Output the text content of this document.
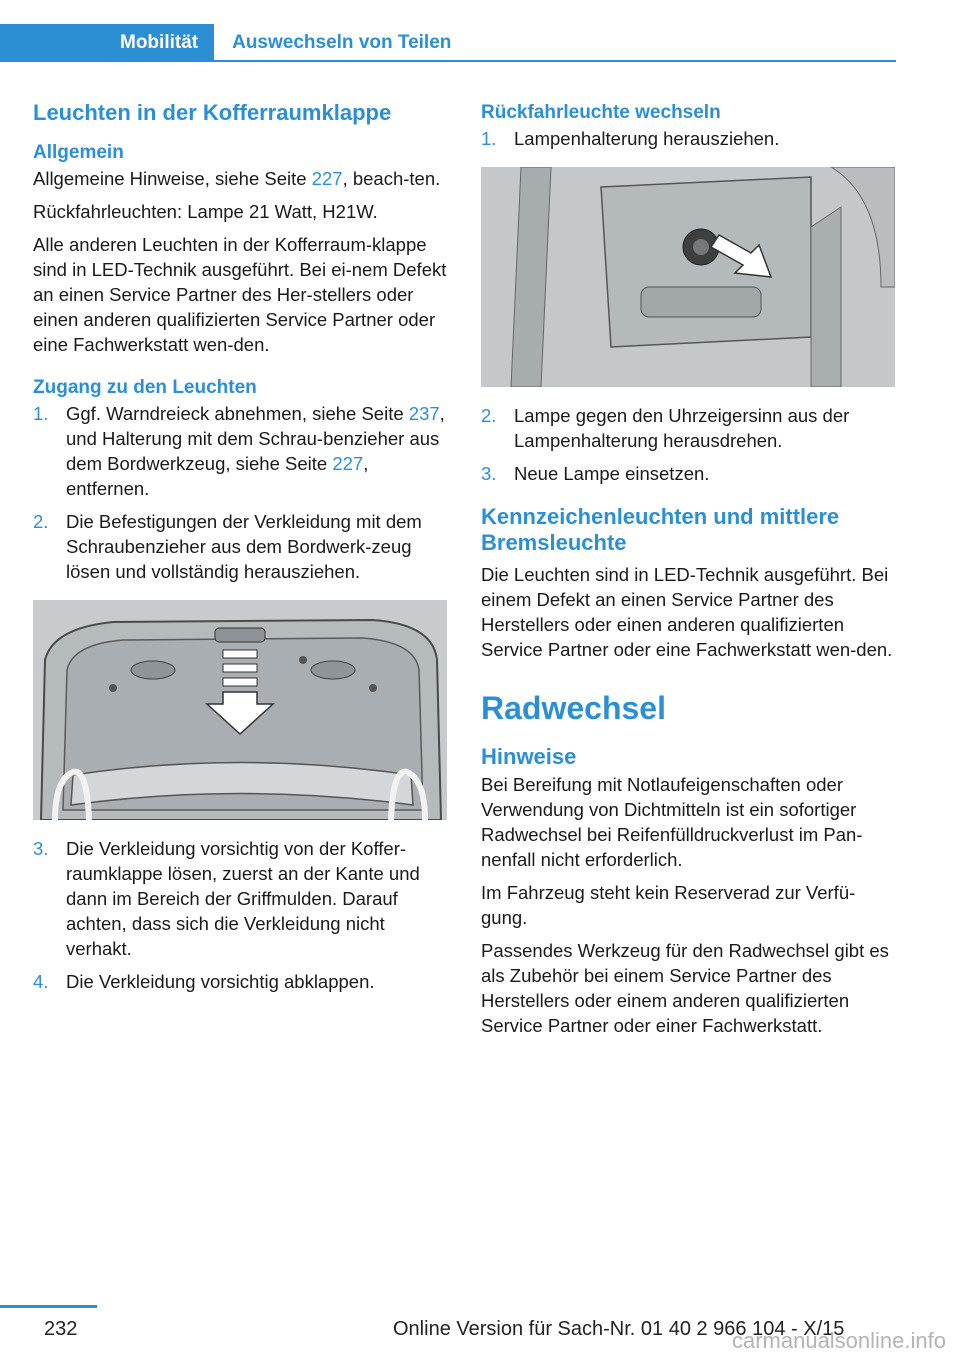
Mobilität	Auswechseln von Teilen
Leuchten in der Kofferraumklappe
Allgemein

Allgemeine Hinweise, siehe Seite 227, beach‐ten.

Rückfahrleuchten: Lampe 21 Watt, H21W.

Alle anderen Leuchten in der Kofferraum‐klappe sind in LED-Technik ausgeführt. Bei ei‐nem Defekt an einen Service Partner des Her‐stellers oder einen anderen qualifizierten Service Partner oder eine Fachwerkstatt wen‐den.

Zugang zu den Leuchten
1. Ggf. Warndreieck abnehmen, siehe Seite 237, und Halterung mit dem Schrau‐benzieher aus dem Bordwerkzeug, siehe Seite 227, entfernen.
2. Die Befestigungen der Verkleidung mit dem Schraubenzieher aus dem Bordwerk‐zeug lösen und vollständig herausziehen.
3. Die Verkleidung vorsichtig von der Koffer‐raumklappe lösen, zuerst an der Kante und dann im Bereich der Griffmulden. Darauf achten, dass sich die Verkleidung nicht verhakt.
4. Die Verkleidung vorsichtig abklappen.
Rückfahrleuchte wechseln
1. Lampenhalterung herausziehen.
2. Lampe gegen den Uhrzeigersinn aus der Lampenhalterung herausdrehen.
3. Neue Lampe einsetzen.
Kennzeichenleuchten und mittlere Bremsleuchte

Die Leuchten sind in LED-Technik ausgeführt. Bei einem Defekt an einen Service Partner des Herstellers oder einen anderen qualifizierten Service Partner oder eine Fachwerkstatt wen‐den.

Radwechsel
Hinweise

Bei Bereifung mit Notlaufeigenschaften oder Verwendung von Dichtmitteln ist ein sofortiger Radwechsel bei Reifenfülldruckverlust im Pan‐nenfall nicht erforderlich.

Im Fahrzeug steht kein Reserverad zur Verfü‐gung.

Passendes Werkzeug für den Radwechsel gibt es als Zubehör bei einem Service Partner des Herstellers oder einem anderen qualifizierten Service Partner oder einer Fachwerkstatt.

232	Online Version für Sach-Nr. 01 40 2 966 104 - X/15
carmanualsonline.info
